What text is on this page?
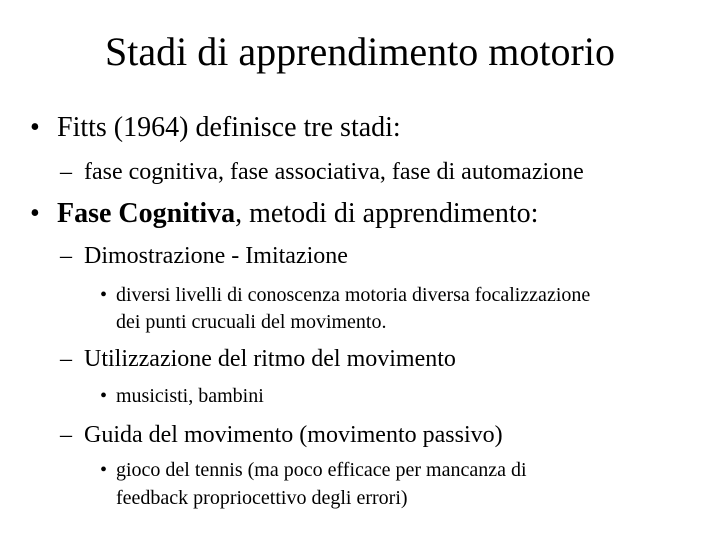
Stadi di apprendimento motorio
• Fitts (1964) definisce tre stadi:
– fase cognitiva, fase associativa, fase di automazione
• Fase Cognitiva, metodi di apprendimento:
– Dimostrazione - Imitazione
• diversi livelli di conoscenza motoria diversa focalizzazione
dei punti crucuali del movimento.
– Utilizzazione del ritmo del movimento
• musicisti, bambini
– Guida del movimento (movimento passivo)
• gioco del tennis (ma poco efficace per mancanza di
feedback propriocettivo degli errori)
